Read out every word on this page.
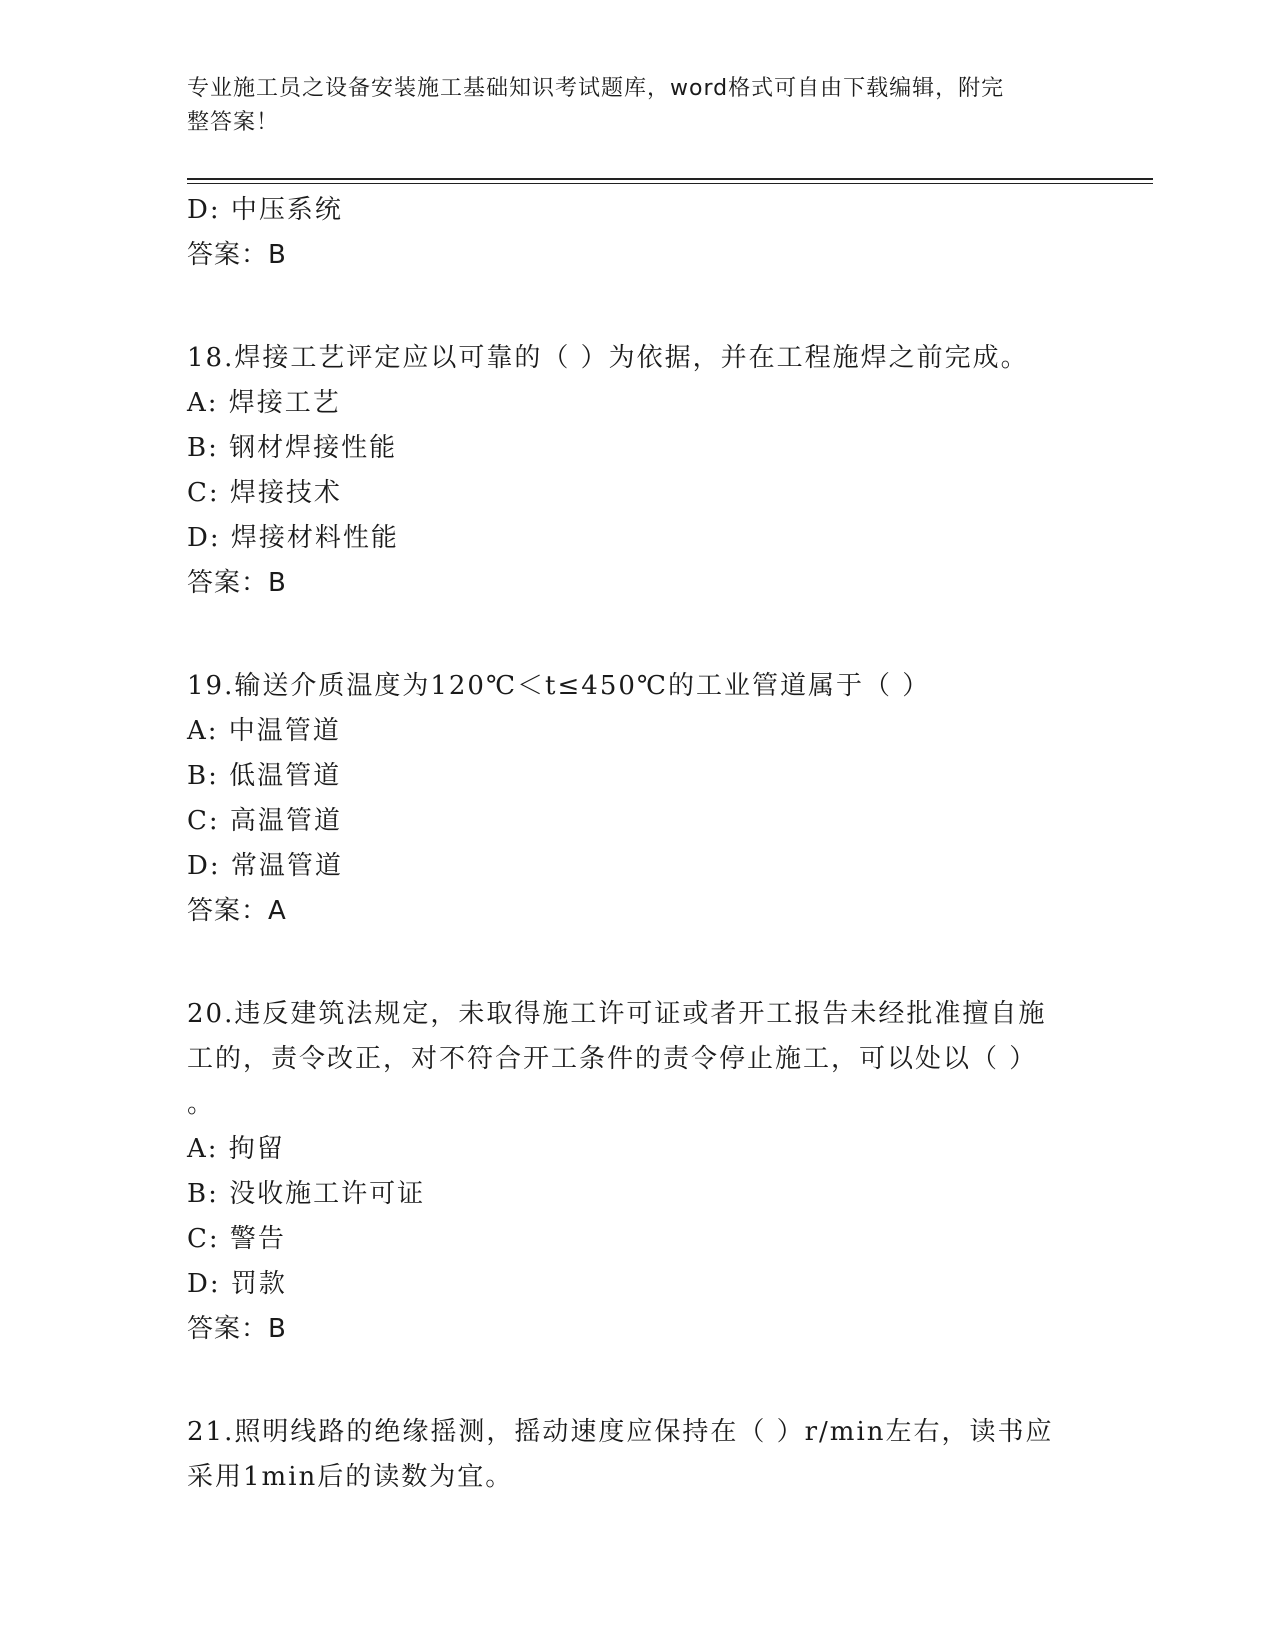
专业施工员之设备安装施工基础知识考试题库，word格式可自由下载编辑，附完
整答案！
D: 中压系统
答案：B
18.焊接工艺评定应以可靠的（ ）为依据，并在工程施焊之前完成。
A: 焊接工艺
B: 钢材焊接性能
C: 焊接技术
D: 焊接材料性能
答案：B
19.输送介质温度为120℃＜t≤450℃的工业管道属于（ ）
A: 中温管道
B: 低温管道
C: 高温管道
D: 常温管道
答案：A
20.违反建筑法规定，未取得施工许可证或者开工报告未经批准擅自施
工的，责令改正，对不符合开工条件的责令停止施工，可以处以（ ）
。
A: 拘留
B: 没收施工许可证
C: 警告
D: 罚款
答案：B
21.照明线路的绝缘摇测，摇动速度应保持在（ ）r/min左右，读书应
采用1min后的读数为宜。
